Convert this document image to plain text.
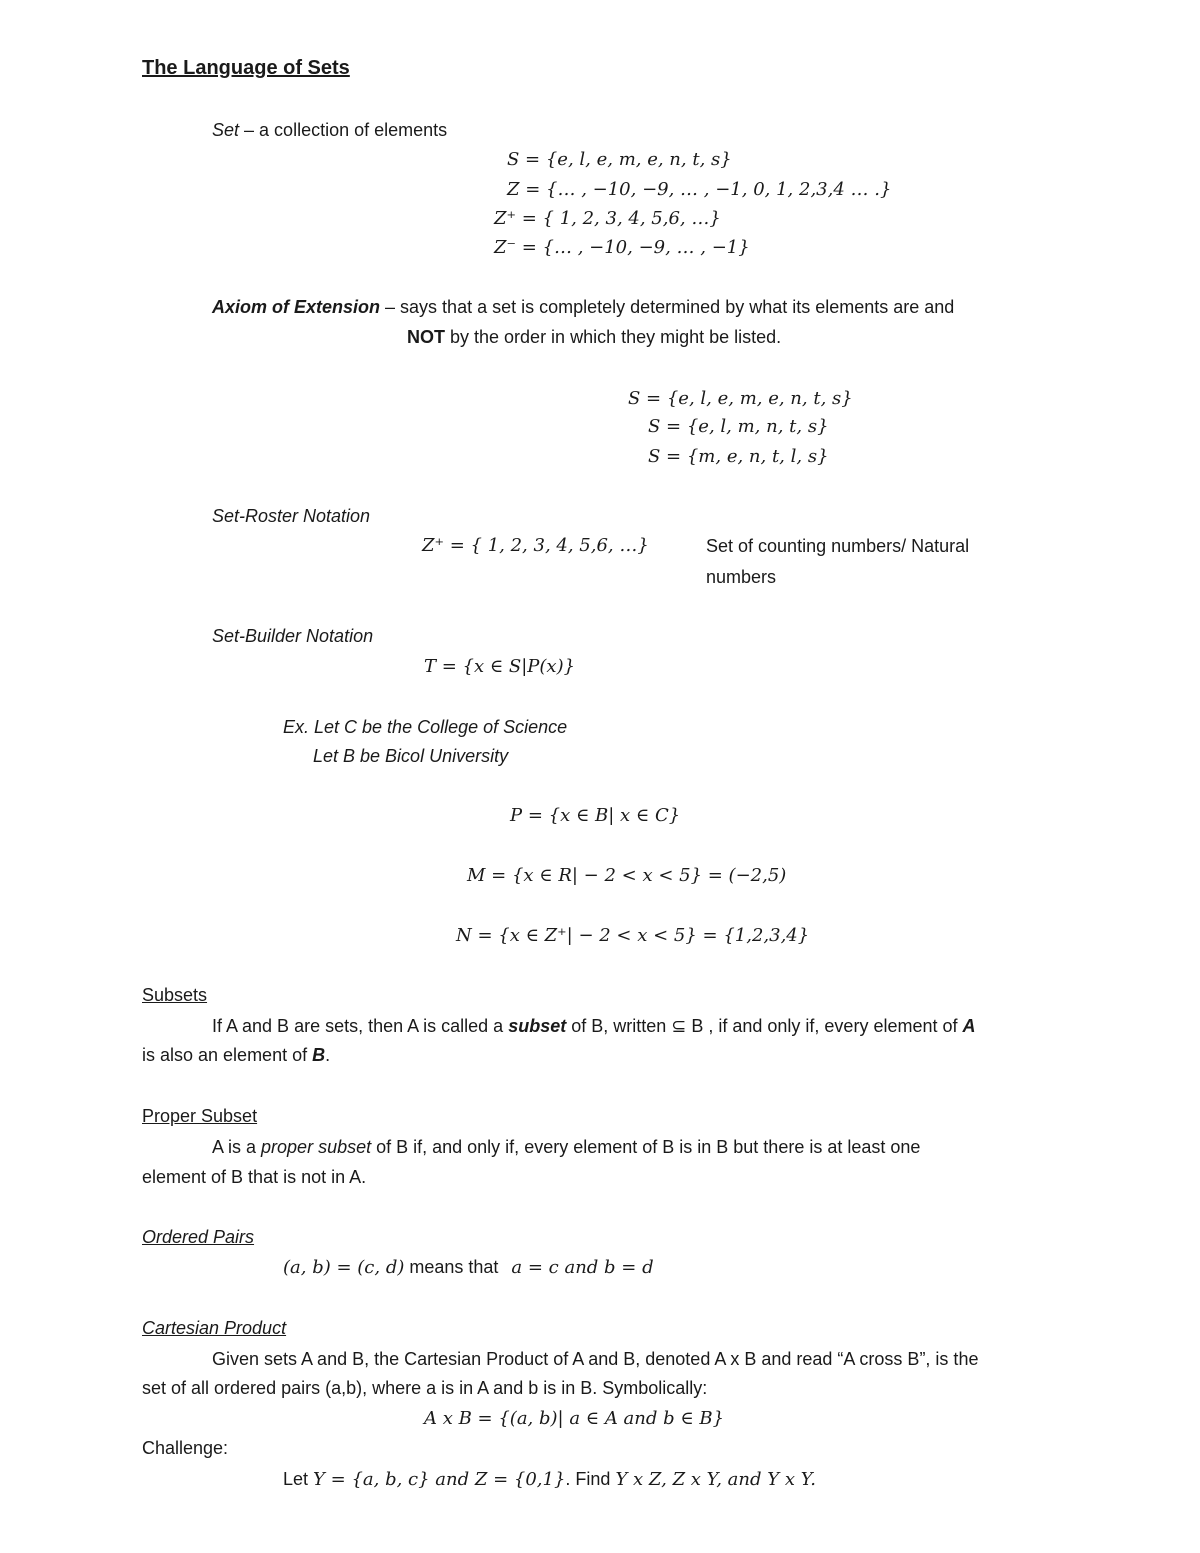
The Language of Sets
Set – a collection of elements
S = {e, l, e, m, e, n, t, s}
Z = {… , −10, −9, … , −1, 0, 1, 2,3,4 … .}
Z⁺ = { 1, 2, 3, 4, 5,6, …}
Z⁻ = {… , −10, −9, … , −1}
Axiom of Extension – says that a set is completely determined by what its elements are and
NOT by the order in which they might be listed.
S = {e, l, e, m, e, n, t, s}
S = {e, l, m, n, t, s}
S = {m, e, n, t, l, s}
Set-Roster Notation
Z⁺ = { 1, 2, 3, 4, 5,6, …}	Set of counting numbers/ Natural
numbers
Set-Builder Notation
T = {x ∈ S|P(x)}
Ex. Let C be the College of Science
Let B be Bicol University
P = {x ∈ B| x ∈ C}
M = {x ∈ R| − 2 < x < 5} = (−2,5)
N = {x ∈ Z⁺| − 2 < x < 5} = {1,2,3,4}
Subsets
If A and B are sets, then A is called a subset of B, written ⊆ B , if and only if, every element of A
is also an element of B.
Proper Subset
A is a proper subset of B if, and only if, every element of B is in B but there is at least one
element of B that is not in A.
Ordered Pairs
(a, b) = (c, d) means that a = c and b = d
Cartesian Product
Given sets A and B, the Cartesian Product of A and B, denoted A x B and read “A cross B”, is the
set of all ordered pairs (a,b), where a is in A and b is in B. Symbolically:
A x B = {(a, b)| a ∈ A and b ∈ B}
Challenge:
Let Y = {a, b, c} and Z = {0,1}. Find Y x Z, Z x Y, and Y x Y.
